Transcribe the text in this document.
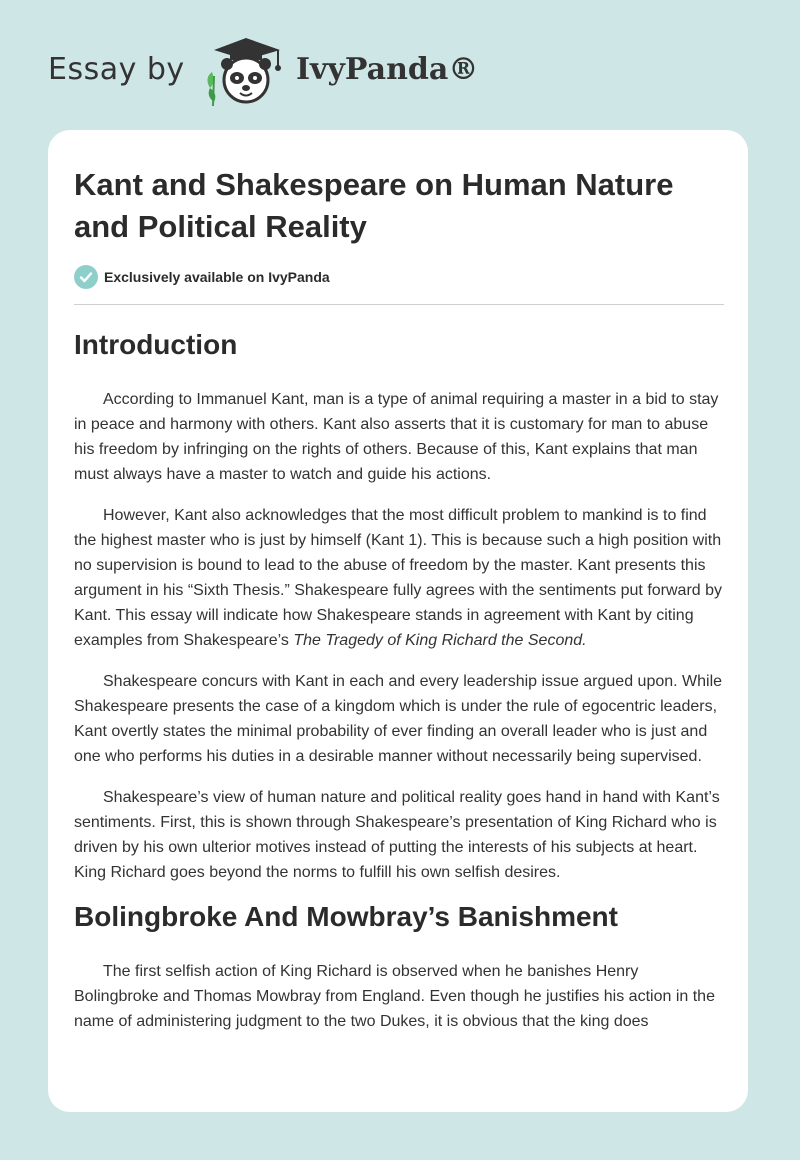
Essay by	IvyPanda®
Kant and Shakespeare on Human Nature and Political Reality
Exclusively available on IvyPanda
Introduction

According to Immanuel Kant, man is a type of animal requiring a master in a bid to stay in peace and harmony with others. Kant also asserts that it is customary for man to abuse his freedom by infringing on the rights of others. Because of this, Kant explains that man must always have a master to watch and guide his actions.

However, Kant also acknowledges that the most difficult problem to mankind is to find the highest master who is just by himself (Kant 1). This is because such a high position with no supervision is bound to lead to the abuse of freedom by the master. Kant presents this argument in his “Sixth Thesis.” Shakespeare fully agrees with the sentiments put forward by Kant. This essay will indicate how Shakespeare stands in agreement with Kant by citing examples from Shakespeare’s The Tragedy of King Richard the Second.

Shakespeare concurs with Kant in each and every leadership issue argued upon. While Shakespeare presents the case of a kingdom which is under the rule of egocentric leaders, Kant overtly states the minimal probability of ever finding an overall leader who is just and one who performs his duties in a desirable manner without necessarily being supervised.

Shakespeare’s view of human nature and political reality goes hand in hand with Kant’s sentiments. First, this is shown through Shakespeare’s presentation of King Richard who is driven by his own ulterior motives instead of putting the interests of his subjects at heart. King Richard goes beyond the norms to fulfill his own selfish desires.

Bolingbroke And Mowbray’s Banishment

The first selfish action of King Richard is observed when he banishes Henry Bolingbroke and Thomas Mowbray from England. Even though he justifies his action in the name of administering judgment to the two Dukes, it is obvious that the king does
